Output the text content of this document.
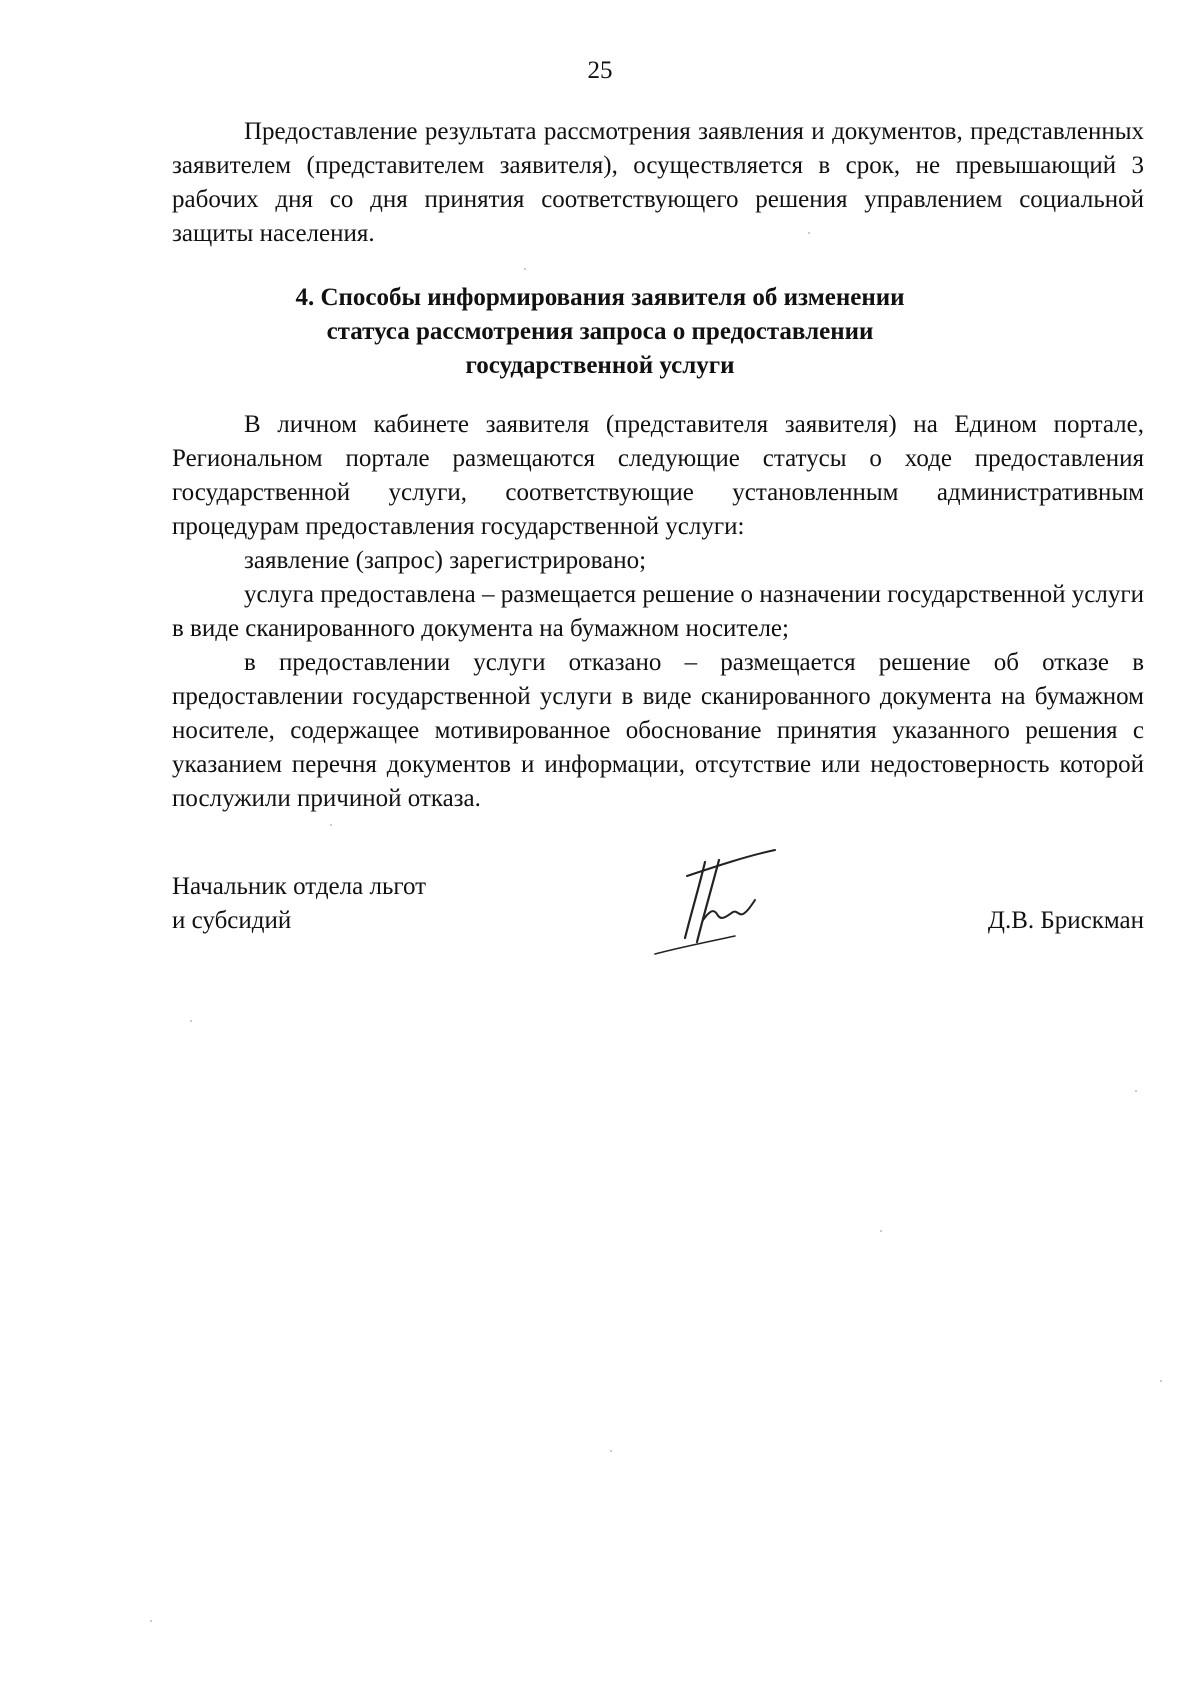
25

Предоставление результата рассмотрения заявления и документов, представленных заявителем (представителем заявителя), осуществляется в срок, не превышающий 3 рабочих дня со дня принятия соответствующего решения управлением социальной защиты населения.

4. Способы информирования заявителя об изменении
статуса рассмотрения запроса о предоставлении
государственной услуги

В личном кабинете заявителя (представителя заявителя) на Едином портале, Региональном портале размещаются следующие статусы о ходе предоставления государственной услуги, соответствующие установленным административным процедурам предоставления государственной услуги:

заявление (запрос) зарегистрировано;

услуга предоставлена – размещается решение о назначении государственной услуги в виде сканированного документа на бумажном носителе;

в предоставлении услуги отказано – размещается решение об отказе в предоставлении государственной услуги в виде сканированного документа на бумажном носителе, содержащее мотивированное обоснование принятия указанного решения с указанием перечня документов и информации, отсутствие или недостоверность которой послужили причиной отказа.

Начальник отдела льгот
и субсидий	Д.В. Брискман
